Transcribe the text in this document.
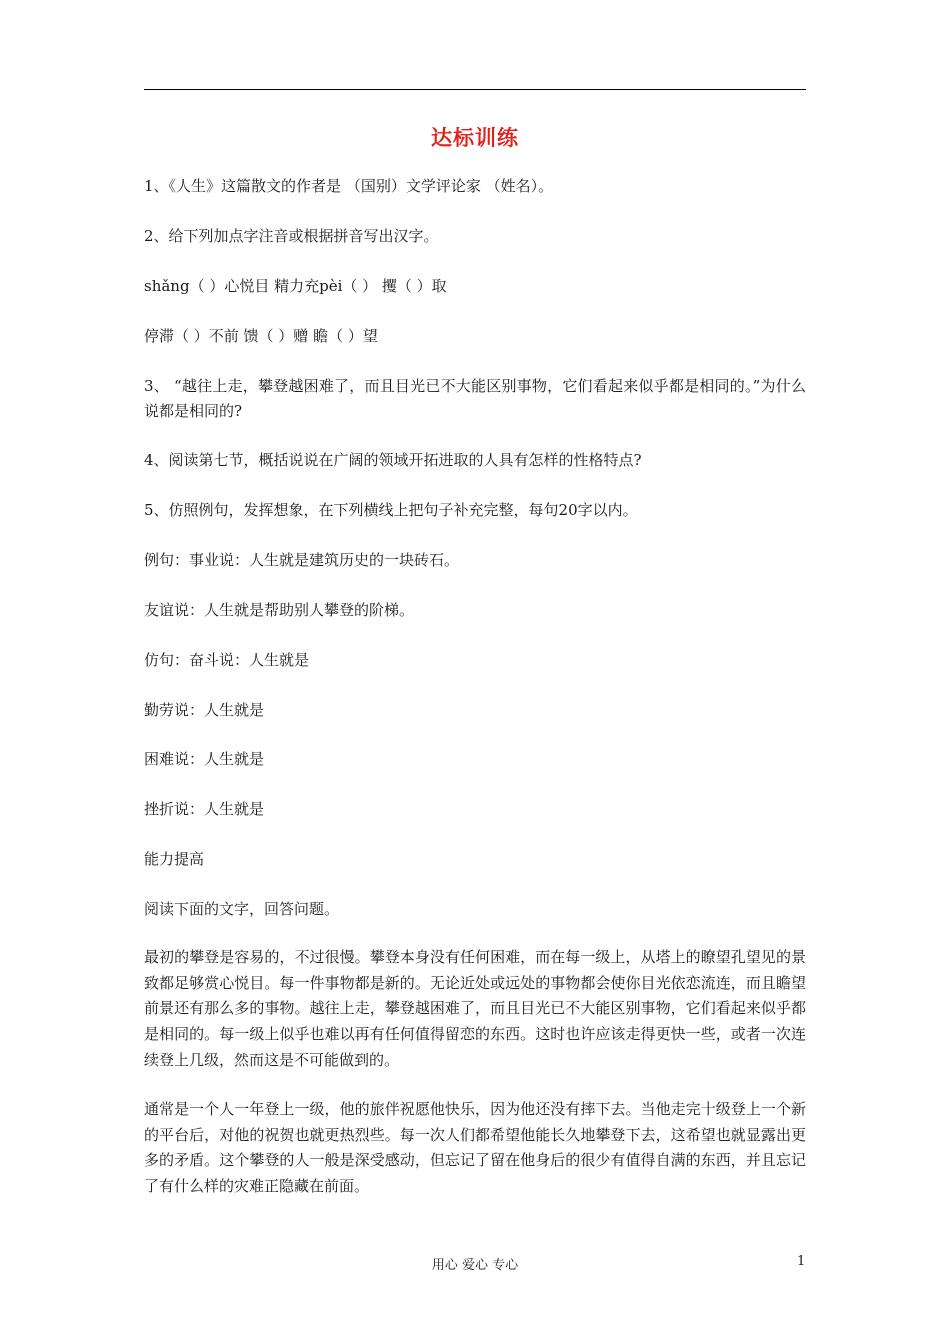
达标训练
1、《人生》这篇散文的作者是 （国别）文学评论家 （姓名）。
2、给下列加点字注音或根据拼音写出汉字。
shǎng（ ）心悦目 精力充pèi（ ） 攫（ ）取
停滞（ ）不前 馈（ ）赠 瞻（ ）望
3、 “越往上走，攀登越困难了，而且目光已不大能区别事物，它们看起来似乎都是相同的。”为什么说都是相同的?
4、阅读第七节，概括说说在广阔的领域开拓进取的人具有怎样的性格特点?
5、仿照例句，发挥想象，在下列横线上把句子补充完整，每句20字以内。
例句：事业说：人生就是建筑历史的一块砖石。
友谊说：人生就是帮助别人攀登的阶梯。
仿句：奋斗说：人生就是
勤劳说：人生就是
困难说：人生就是
挫折说：人生就是
能力提高
阅读下面的文字，回答问题。
最初的攀登是容易的，不过很慢。攀登本身没有任何困难，而在每一级上，从塔上的瞭望孔望见的景致都足够赏心悦目。每一件事物都是新的。无论近处或远处的事物都会使你目光依恋流连，而且瞻望前景还有那么多的事物。越往上走，攀登越困难了，而且目光已不大能区别事物，它们看起来似乎都是相同的。每一级上似乎也难以再有任何值得留恋的东西。这时也许应该走得更快一些，或者一次连续登上几级，然而这是不可能做到的。
通常是一个人一年登上一级，他的旅伴祝愿他快乐，因为他还没有摔下去。当他走完十级登上一个新的平台后，对他的祝贺也就更热烈些。每一次人们都希望他能长久地攀登下去，这希望也就显露出更多的矛盾。这个攀登的人一般是深受感动，但忘记了留在他身后的很少有值得自满的东西，并且忘记了有什么样的灾难正隐藏在前面。
用心 爱心 专心	1
